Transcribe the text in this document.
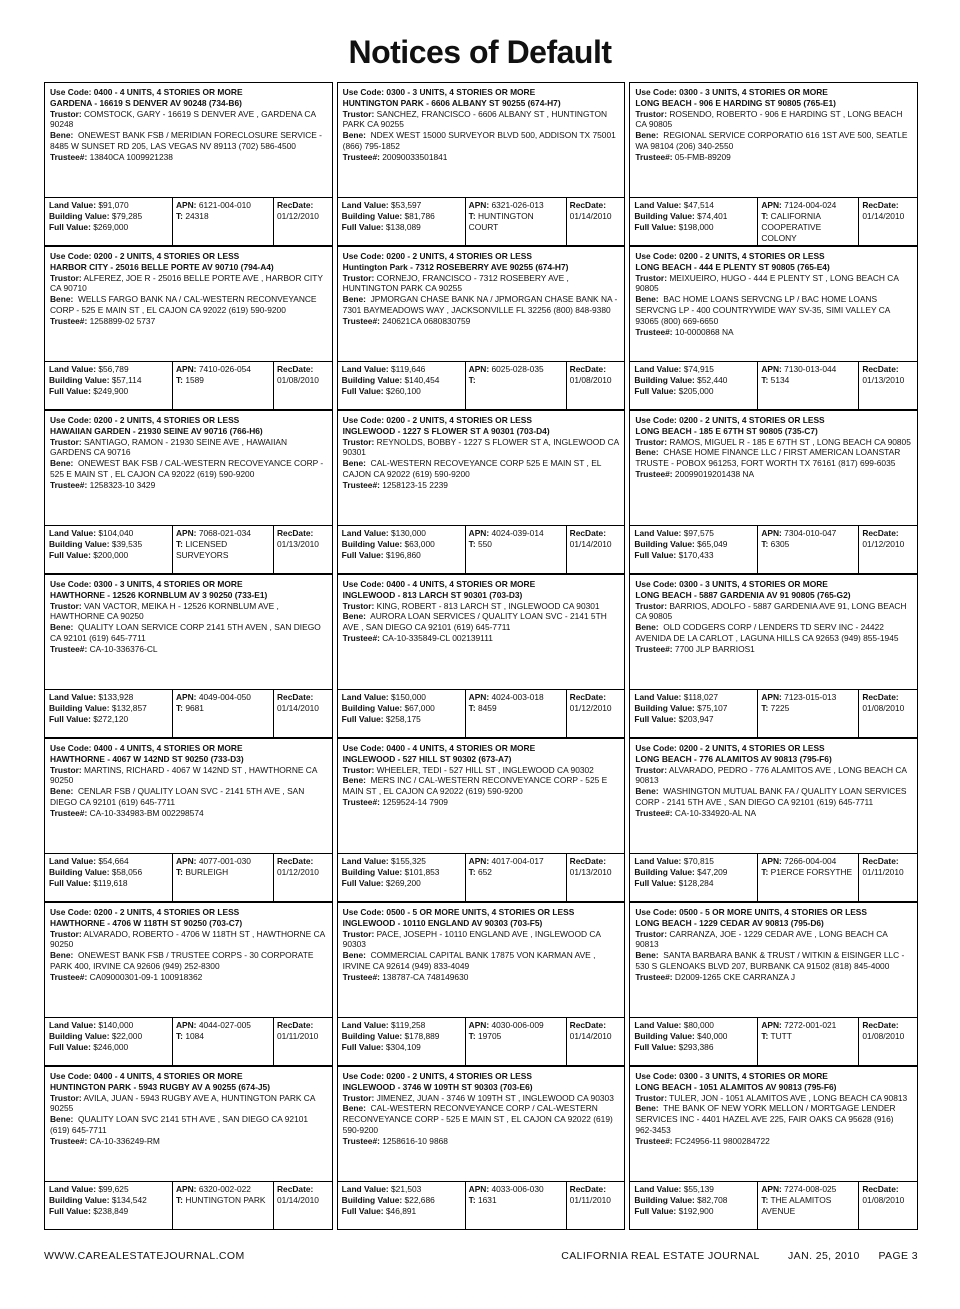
Notices of Default
Use Code: 0400 - 4 UNITS, 4 STORIES OR MORE
GARDENA - 16619 S DENVER AV 90248 (734-B6)
Trustor: COMSTOCK, GARY - 16619 S DENVER AVE , GARDENA CA 90248
Bene: ONEWEST BANK FSB / MERIDIAN FORECLOSURE SERVICE - 8485 W SUNSET RD 205, LAS VEGAS NV 89113 (702) 586-4500
Trustee#: 13840CA 1009921238
Land Value: $91,070
Building Value: $79,285
Full Value: $269,000
APN: 6121-004-010
T: 24318
RecDate:
01/12/2010
Use Code: 0200 - 2 UNITS, 4 STORIES OR LESS
HARBOR CITY - 25016 BELLE PORTE AV 90710 (794-A4)
Trustor: ALFEREZ, JOE R - 25016 BELLE PORTE AVE , HARBOR CITY CA 90710
Bene: WELLS FARGO BANK NA / CAL-WESTERN RECONVEYANCE CORP - 525 E MAIN ST , EL CAJON CA 92022 (619) 590-9200
Trustee#: 1258899-02 5737
Land Value: $56,789
Building Value: $57,114
Full Value: $249,900
APN: 7410-026-054
T: 1589
RecDate:
01/08/2010
Use Code: 0200 - 2 UNITS, 4 STORIES OR LESS
HAWAIIAN GARDEN - 21930 SEINE AV 90716 (766-H6)
Trustor: SANTIAGO, RAMON - 21930 SEINE AVE , HAWAIIAN GARDENS CA 90716
Bene: ONEWEST BAK FSB / CAL-WESTERN RECOVEYANCE CORP - 525 E MAIN ST , EL CAJON CA 92022 (619) 590-9200
Trustee#: 1258323-10 3429
Land Value: $104,040
Building Value: $39,535
Full Value: $200,000
APN: 7068-021-034
T: LICENSED SURVEYORS
RecDate:
01/13/2010
Use Code: 0300 - 3 UNITS, 4 STORIES OR MORE
HAWTHORNE - 12526 KORNBLUM AV 3 90250 (733-E1)
Trustor: VAN VACTOR, MEIKA H - 12526 KORNBLUM AVE , HAWTHORNE CA 90250
Bene: QUALITY LOAN SERVICE CORP 2141 5TH AVEN , SAN DIEGO CA 92101 (619) 645-7711
Trustee#: CA-10-336376-CL
Land Value: $133,928
Building Value: $132,857
Full Value: $272,120
APN: 4049-004-050
T: 9681
RecDate:
01/14/2010
Use Code: 0400 - 4 UNITS, 4 STORIES OR MORE
HAWTHORNE - 4067 W 142ND ST 90250 (733-D3)
Trustor: MARTINS, RICHARD - 4067 W 142ND ST , HAWTHORNE CA 90250
Bene: CENLAR FSB / QUALITY LOAN SVC - 2141 5TH AVE , SAN DIEGO CA 92101 (619) 645-7711
Trustee#: CA-10-334983-BM 002298574
Land Value: $54,664
Building Value: $58,056
Full Value: $119,618
APN: 4077-001-030
T: BURLEIGH
RecDate:
01/12/2010
Use Code: 0200 - 2 UNITS, 4 STORIES OR LESS
HAWTHORNE - 4706 W 118TH ST 90250 (703-C7)
Trustor: ALVARADO, ROBERTO - 4706 W 118TH ST , HAWTHORNE CA 90250
Bene: ONEWEST BANK FSB / TRUSTEE CORPS - 30 CORPORATE PARK 400, IRVINE CA 92606 (949) 252-8300
Trustee#: CA09000301-09-1 100918362
Land Value: $140,000
Building Value: $22,000
Full Value: $246,000
APN: 4044-027-005
T: 1084
RecDate:
01/11/2010
Use Code: 0400 - 4 UNITS, 4 STORIES OR MORE
HUNTINGTON PARK - 5943 RUGBY AV A 90255 (674-J5)
Trustor: AVILA, JUAN - 5943 RUGBY AVE A, HUNTINGTON PARK CA 90255
Bene: QUALITY LOAN SVC 2141 5TH AVE , SAN DIEGO CA 92101 (619) 645-7711
Trustee#: CA-10-336249-RM
Land Value: $99,625
Building Value: $134,542
Full Value: $238,849
APN: 6320-002-022
T: HUNTINGTON PARK
RecDate:
01/14/2010
Use Code: 0300 - 3 UNITS, 4 STORIES OR MORE
HUNTINGTON PARK - 6606 ALBANY ST 90255 (674-H7)
Trustor: SANCHEZ, FRANCISCO - 6606 ALBANY ST , HUNTINGTON PARK CA 90255
Bene: NDEX WEST 15000 SURVEYOR BLVD 500, ADDISON TX 75001 (866) 795-1852
Trustee#: 20090033501841
Land Value: $53,597
Building Value: $81,786
Full Value: $138,089
APN: 6321-026-013
T: HUNTINGTON COURT
RecDate:
01/14/2010
Use Code: 0200 - 2 UNITS, 4 STORIES OR LESS
Huntington Park - 7312 ROSEBERRY AVE 90255 (674-H7)
Trustor: CORNEJO, FRANCISCO - 7312 ROSEBERY AVE , HUNTINGTON PARK CA 90255
Bene: JPMORGAN CHASE BANK NA / JPMORGAN CHASE BANK NA - 7301 BAYMEADOWS WAY , JACKSONVILLE FL 32256 (800) 848-9380
Trustee#: 240621CA 0680830759
Land Value: $119,646
Building Value: $140,454
Full Value: $260,100
APN: 6025-028-035
T:
RecDate:
01/08/2010
Use Code: 0200 - 2 UNITS, 4 STORIES OR LESS
INGLEWOOD - 1227 S FLOWER ST A 90301 (703-D4)
Trustor: REYNOLDS, BOBBY - 1227 S FLOWER ST A, INGLEWOOD CA 90301
Bene: CAL-WESTERN RECOVEYANCE CORP 525 E MAIN ST , EL CAJON CA 92022 (619) 590-9200
Trustee#: 1258123-15 2239
Land Value: $130,000
Building Value: $63,000
Full Value: $196,860
APN: 4024-039-014
T: 550
RecDate:
01/14/2010
Use Code: 0400 - 4 UNITS, 4 STORIES OR MORE
INGLEWOOD - 813 LARCH ST 90301 (703-D3)
Trustor: KING, ROBERT - 813 LARCH ST , INGLEWOOD CA 90301
Bene: AURORA LOAN SERVICES / QUALITY LOAN SVC - 2141 5TH AVE , SAN DIEGO CA 92101 (619) 645-7711
Trustee#: CA-10-335849-CL 002139111
Land Value: $150,000
Building Value: $67,000
Full Value: $258,175
APN: 4024-003-018
T: 8459
RecDate:
01/12/2010
Use Code: 0400 - 4 UNITS, 4 STORIES OR MORE
INGLEWOOD - 527 HILL ST 90302 (673-A7)
Trustor: WHEELER, TEDI - 527 HILL ST , INGLEWOOD CA 90302
Bene: MERS INC / CAL-WESTERN RECONVEYANCE CORP - 525 E MAIN ST , EL CAJON CA 92022 (619) 590-9200
Trustee#: 1259524-14 7909
Land Value: $155,325
Building Value: $101,853
Full Value: $269,200
APN: 4017-004-017
T: 652
RecDate:
01/13/2010
Use Code: 0500 - 5 OR MORE UNITS, 4 STORIES OR LESS
INGLEWOOD - 10110 ENGLAND AV 90303 (703-F5)
Trustor: PACE, JOSEPH - 10110 ENGLAND AVE , INGLEWOOD CA 90303
Bene: COMMERCIAL CAPITAL BANK 17875 VON KARMAN AVE , IRVINE CA 92614 (949) 833-4049
Trustee#: 138787-CA 748149630
Land Value: $119,258
Building Value: $178,889
Full Value: $304,109
APN: 4030-006-009
T: 19705
RecDate:
01/14/2010
Use Code: 0200 - 2 UNITS, 4 STORIES OR LESS
INGLEWOOD - 3746 W 109TH ST 90303 (703-E6)
Trustor: JIMENEZ, JUAN - 3746 W 109TH ST , INGLEWOOD CA 90303
Bene: CAL-WESTERN RECONVEYANCE CORP / CAL-WESTERN RECONVEYANCE CORP - 525 E MAIN ST , EL CAJON CA 92022 (619) 590-9200
Trustee#: 1258616-10 9868
Land Value: $21,503
Building Value: $22,686
Full Value: $46,891
APN: 4033-006-030
T: 1631
RecDate:
01/11/2010
Use Code: 0300 - 3 UNITS, 4 STORIES OR MORE
LONG BEACH - 906 E HARDING ST 90805 (765-E1)
Trustor: ROSENDO, ROBERTO - 906 E HARDING ST , LONG BEACH CA 90805
Bene: REGIONAL SERVICE CORPORATIO 616 1ST AVE 500, SEATLE WA 98104 (206) 340-2550
Trustee#: 05-FMB-89209
Land Value: $47,514
Building Value: $74,401
Full Value: $198,000
APN: 7124-004-024
T: CALIFORNIA COOPERATIVE COLONY
RecDate:
01/14/2010
Use Code: 0200 - 2 UNITS, 4 STORIES OR LESS
LONG BEACH - 444 E PLENTY ST 90805 (765-E4)
Trustor: MEIXUEIRO, HUGO - 444 E PLENTY ST , LONG BEACH CA 90805
Bene: BAC HOME LOANS SERVCNG LP / BAC HOME LOANS SERVCNG LP - 400 COUNTRYWIDE WAY SV-35, SIMI VALLEY CA 93065 (800) 669-6650
Trustee#: 10-0000868 NA
Land Value: $74,915
Building Value: $52,440
Full Value: $205,000
APN: 7130-013-044
T: 5134
RecDate:
01/13/2010
Use Code: 0200 - 2 UNITS, 4 STORIES OR LESS
LONG BEACH - 185 E 67TH ST 90805 (735-C7)
Trustor: RAMOS, MIGUEL R - 185 E 67TH ST , LONG BEACH CA 90805
Bene: CHASE HOME FINANCE LLC / FIRST AMERICAN LOANSTAR TRUSTE - POBOX 961253, FORT WORTH TX 76161 (817) 699-6035
Trustee#: 20099019201438 NA
Land Value: $97,575
Building Value: $65,049
Full Value: $170,433
APN: 7304-010-047
T: 6305
RecDate:
01/12/2010
Use Code: 0300 - 3 UNITS, 4 STORIES OR MORE
LONG BEACH - 5887 GARDENIA AV 91 90805 (765-G2)
Trustor: BARRIOS, ADOLFO - 5887 GARDENIA AVE 91, LONG BEACH CA 90805
Bene: OLD CODGERS CORP / LENDERS TD SERV INC - 24422 AVENIDA DE LA CARLOT , LAGUNA HILLS CA 92653 (949) 855-1945
Trustee#: 7700 JLP BARRIOS1
Land Value: $118,027
Building Value: $75,107
Full Value: $203,947
APN: 7123-015-013
T: 7225
RecDate:
01/08/2010
Use Code: 0200 - 2 UNITS, 4 STORIES OR LESS
LONG BEACH - 776 ALAMITOS AV 90813 (795-F6)
Trustor: ALVARADO, PEDRO - 776 ALAMITOS AVE , LONG BEACH CA 90813
Bene: WASHINGTON MUTUAL BANK FA / QUALITY LOAN SERVICES CORP - 2141 5TH AVE , SAN DIEGO CA 92101 (619) 645-7711
Trustee#: CA-10-334920-AL NA
Land Value: $70,815
Building Value: $47,209
Full Value: $128,284
APN: 7266-004-004
T: P1ERCE FORSYTHE
RecDate:
01/11/2010
Use Code: 0500 - 5 OR MORE UNITS, 4 STORIES OR LESS
LONG BEACH - 1229 CEDAR AV 90813 (795-D6)
Trustor: CARRANZA, JOE - 1229 CEDAR AVE , LONG BEACH CA 90813
Bene: SANTA BARBARA BANK & TRUST / WITKIN & EISINGER LLC - 530 S GLENOAKS BLVD 207, BURBANK CA 91502 (818) 845-4000
Trustee#: D2009-1265 CKE CARRANZA J
Land Value: $80,000
Building Value: $40,000
Full Value: $293,386
APN: 7272-001-021
T: TUTT
RecDate:
01/08/2010
Use Code: 0300 - 3 UNITS, 4 STORIES OR MORE
LONG BEACH - 1051 ALAMITOS AV 90813 (795-F6)
Trustor: TULER, JON - 1051 ALAMITOS AVE , LONG BEACH CA 90813
Bene: THE BANK OF NEW YORK MELLON / MORTGAGE LENDER SERVICES INC - 4401 HAZEL AVE 225, FAIR OAKS CA 95628 (916) 962-3453
Trustee#: FC24956-11 9800284722
Land Value: $55,139
Building Value: $82,708
Full Value: $192,900
APN: 7274-008-025
T: THE ALAMITOS AVENUE
RecDate:
01/08/2010
WWW.CAREALESTATEJOURNAL.COM	CALIFORNIA REAL ESTATE JOURNAL	JAN. 25, 2010 PAGE 3
